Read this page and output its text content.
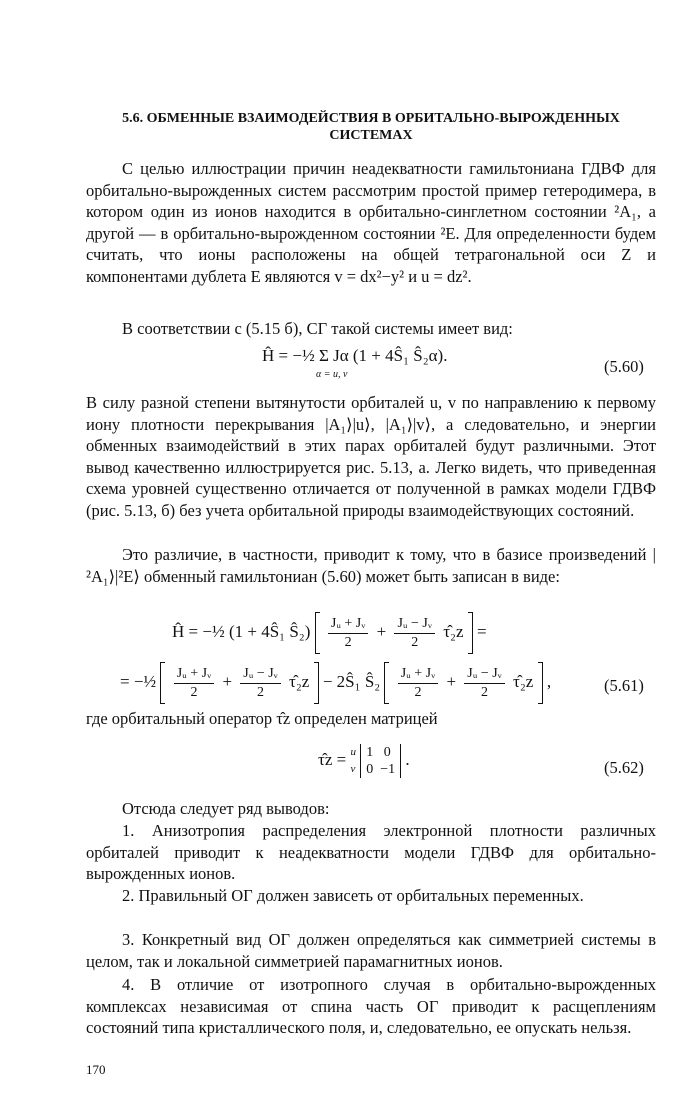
5.6. ОБМЕННЫЕ ВЗАИМОДЕЙСТВИЯ В ОРБИТАЛЬНО-ВЫРОЖДЕННЫХ
СИСТЕМАХ
С целью иллюстрации причин неадекватности гамильтониана ГДВФ для орбитально-вырожденных систем рассмотрим простой пример гетеродимера, в котором один из ионов находится в орбитально-синглетном состоянии ²A₁, а другой — в орбитально-вырожденном состоянии ²E. Для определенности будем считать, что ионы расположены на общей тетрагональной оси Z и компонентами дублета E являются v = dx²−y² и u = dz².
В соответствии с (5.15 б), СГ такой системы имеет вид:
Ĥ = −½ Σ Jα (1 + 4Ŝ₁ Ŝ₂α).
α = u, v	(5.60)
В силу разной степени вытянутости орбиталей u, v по направлению к первому иону плотности перекрывания |A₁⟩|u⟩, |A₁⟩|v⟩, а следовательно, и энергии обменных взаимодействий в этих парах орбиталей будут различными. Этот вывод качественно иллюстрируется рис. 5.13, а. Легко видеть, что приведенная схема уровней существенно отличается от полученной в рамках модели ГДВФ (рис. 5.13, б) без учета орбитальной природы взаимодействующих состояний.
Это различие, в частности, приводит к тому, что в базисе произведений |²A₁⟩|²E⟩ обменный гамильтониан (5.60) может быть записан в виде:
Ĥ = −½ (1 + 4Ŝ₁ Ŝ₂) $\frac{\text{Jᵤ + Jᵥ}}{2} + \frac{\text{Jᵤ − Jᵥ}}{2}$ τ̂₂z =
= −½ $\frac{\text{Jᵤ + Jᵥ}}{2} + \frac{\text{Jᵤ − Jᵥ}}{2}$ τ̂₂z − 2Ŝ₁ Ŝ₂ $\frac{\text{Jᵤ + Jᵥ}}{2} + \frac{\text{Jᵤ − Jᵥ}}{2}$ τ̂₂z ,	(5.61)
где орбитальный оператор τ̂z определен матрицей
τ̂z = u
v

1   0
0  −1
.	(5.62)
Отсюда следует ряд выводов:
1. Анизотропия распределения электронной плотности различных орбиталей приводит к неадекватности модели ГДВФ для орбитально-вырожденных ионов.
2. Правильный ОГ должен зависеть от орбитальных переменных.
3. Конкретный вид ОГ должен определяться как симметрией системы в целом, так и локальной симметрией парамагнитных ионов.
4. В отличие от изотропного случая в орбитально-вырожденных комплексах независимая от спина часть ОГ приводит к расщеплениям состояний типа кристаллического поля, и, следовательно, ее опускать нельзя.
170
